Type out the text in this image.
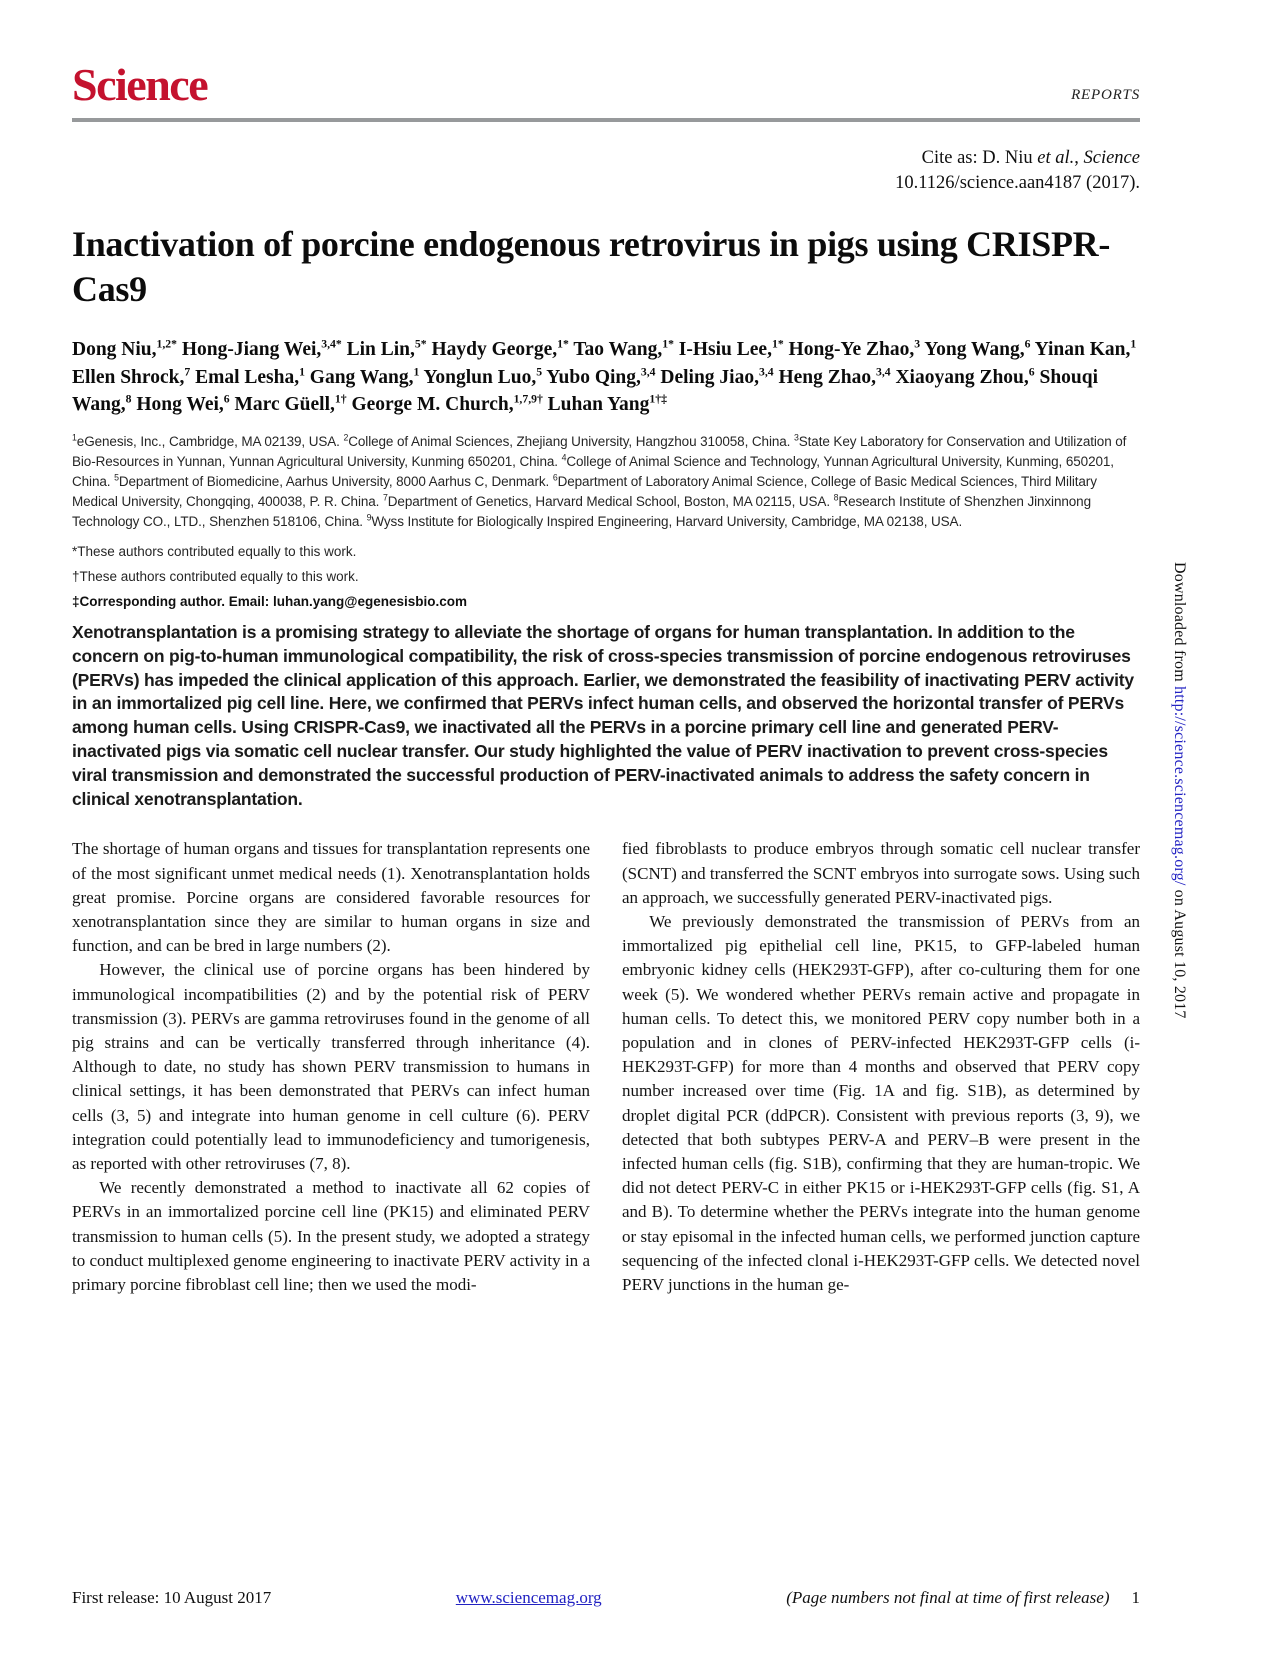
Science	REPORTS
Cite as: D. Niu et al., Science
10.1126/science.aan4187 (2017).
Inactivation of porcine endogenous retrovirus in pigs using CRISPR-Cas9
Dong Niu,$^{1,2*}$ Hong-Jiang Wei,$^{3,4*}$ Lin Lin,$^{5*}$ Haydy George,$^{1*}$ Tao Wang,$^{1*}$ I-Hsiu Lee,$^{1*}$ Hong-Ye Zhao,$^3$ Yong Wang,$^6$ Yinan Kan,$^1$ Ellen Shrock,$^7$ Emal Lesha,$^1$ Gang Wang,$^1$ Yonglun Luo,$^5$ Yubo Qing,$^{3,4}$ Deling Jiao,$^{3,4}$ Heng Zhao,$^{3,4}$ Xiaoyang Zhou,$^6$ Shouqi Wang,$^8$ Hong Wei,$^6$ Marc Güell,$^{1\dagger}$ George M. Church,$^{1,7,9\dagger}$ Luhan Yang$^{1\dagger\ddagger}$
$^1$eGenesis, Inc., Cambridge, MA 02139, USA. $^2$College of Animal Sciences, Zhejiang University, Hangzhou 310058, China. $^3$State Key Laboratory for Conservation and Utilization of Bio-Resources in Yunnan, Yunnan Agricultural University, Kunming 650201, China. $^4$College of Animal Science and Technology, Yunnan Agricultural University, Kunming, 650201, China. $^5$Department of Biomedicine, Aarhus University, 8000 Aarhus C, Denmark. $^6$Department of Laboratory Animal Science, College of Basic Medical Sciences, Third Military Medical University, Chongqing, 400038, P. R. China. $^7$Department of Genetics, Harvard Medical School, Boston, MA 02115, USA. $^8$Research Institute of Shenzhen Jinxinnong Technology CO., LTD., Shenzhen 518106, China. $^9$Wyss Institute for Biologically Inspired Engineering, Harvard University, Cambridge, MA 02138, USA.

*These authors contributed equally to this work.

†These authors contributed equally to this work.

‡Corresponding author. Email: luhan.yang@egenesisbio.com

Xenotransplantation is a promising strategy to alleviate the shortage of organs for human transplantation. In addition to the concern on pig-to-human immunological compatibility, the risk of cross-species transmission of porcine endogenous retroviruses (PERVs) has impeded the clinical application of this approach. Earlier, we demonstrated the feasibility of inactivating PERV activity in an immortalized pig cell line. Here, we confirmed that PERVs infect human cells, and observed the horizontal transfer of PERVs among human cells. Using CRISPR-Cas9, we inactivated all the PERVs in a porcine primary cell line and generated PERV-inactivated pigs via somatic cell nuclear transfer. Our study highlighted the value of PERV inactivation to prevent cross-species viral transmission and demonstrated the successful production of PERV-inactivated animals to address the safety concern in clinical xenotransplantation.

The shortage of human organs and tissues for transplantation represents one of the most significant unmet medical needs (1). Xenotransplantation holds great promise. Porcine organs are considered favorable resources for xenotransplantation since they are similar to human organs in size and function, and can be bred in large numbers (2).

However, the clinical use of porcine organs has been hindered by immunological incompatibilities (2) and by the potential risk of PERV transmission (3). PERVs are gamma retroviruses found in the genome of all pig strains and can be vertically transferred through inheritance (4). Although to date, no study has shown PERV transmission to humans in clinical settings, it has been demonstrated that PERVs can infect human cells (3, 5) and integrate into human genome in cell culture (6). PERV integration could potentially lead to immunodeficiency and tumorigenesis, as reported with other retroviruses (7, 8).

We recently demonstrated a method to inactivate all 62 copies of PERVs in an immortalized porcine cell line (PK15) and eliminated PERV transmission to human cells (5). In the present study, we adopted a strategy to conduct multiplexed genome engineering to inactivate PERV activity in a primary porcine fibroblast cell line; then we used the modi-

fied fibroblasts to produce embryos through somatic cell nuclear transfer (SCNT) and transferred the SCNT embryos into surrogate sows. Using such an approach, we successfully generated PERV-inactivated pigs.

We previously demonstrated the transmission of PERVs from an immortalized pig epithelial cell line, PK15, to GFP-labeled human embryonic kidney cells (HEK293T-GFP), after co-culturing them for one week (5). We wondered whether PERVs remain active and propagate in human cells. To detect this, we monitored PERV copy number both in a population and in clones of PERV-infected HEK293T-GFP cells (i-HEK293T-GFP) for more than 4 months and observed that PERV copy number increased over time (Fig. 1A and fig. S1B), as determined by droplet digital PCR (ddPCR). Consistent with previous reports (3, 9), we detected that both subtypes PERV-A and PERV–B were present in the infected human cells (fig. S1B), confirming that they are human-tropic. We did not detect PERV-C in either PK15 or i-HEK293T-GFP cells (fig. S1, A and B). To determine whether the PERVs integrate into the human genome or stay episomal in the infected human cells, we performed junction capture sequencing of the infected clonal i-HEK293T-GFP cells. We detected novel PERV junctions in the human ge-

First release: 10 August 2017	www.sciencemag.org	(Page numbers not final at time of first release) 1
Downloaded from http://science.sciencemag.org/ on August 10, 2017
